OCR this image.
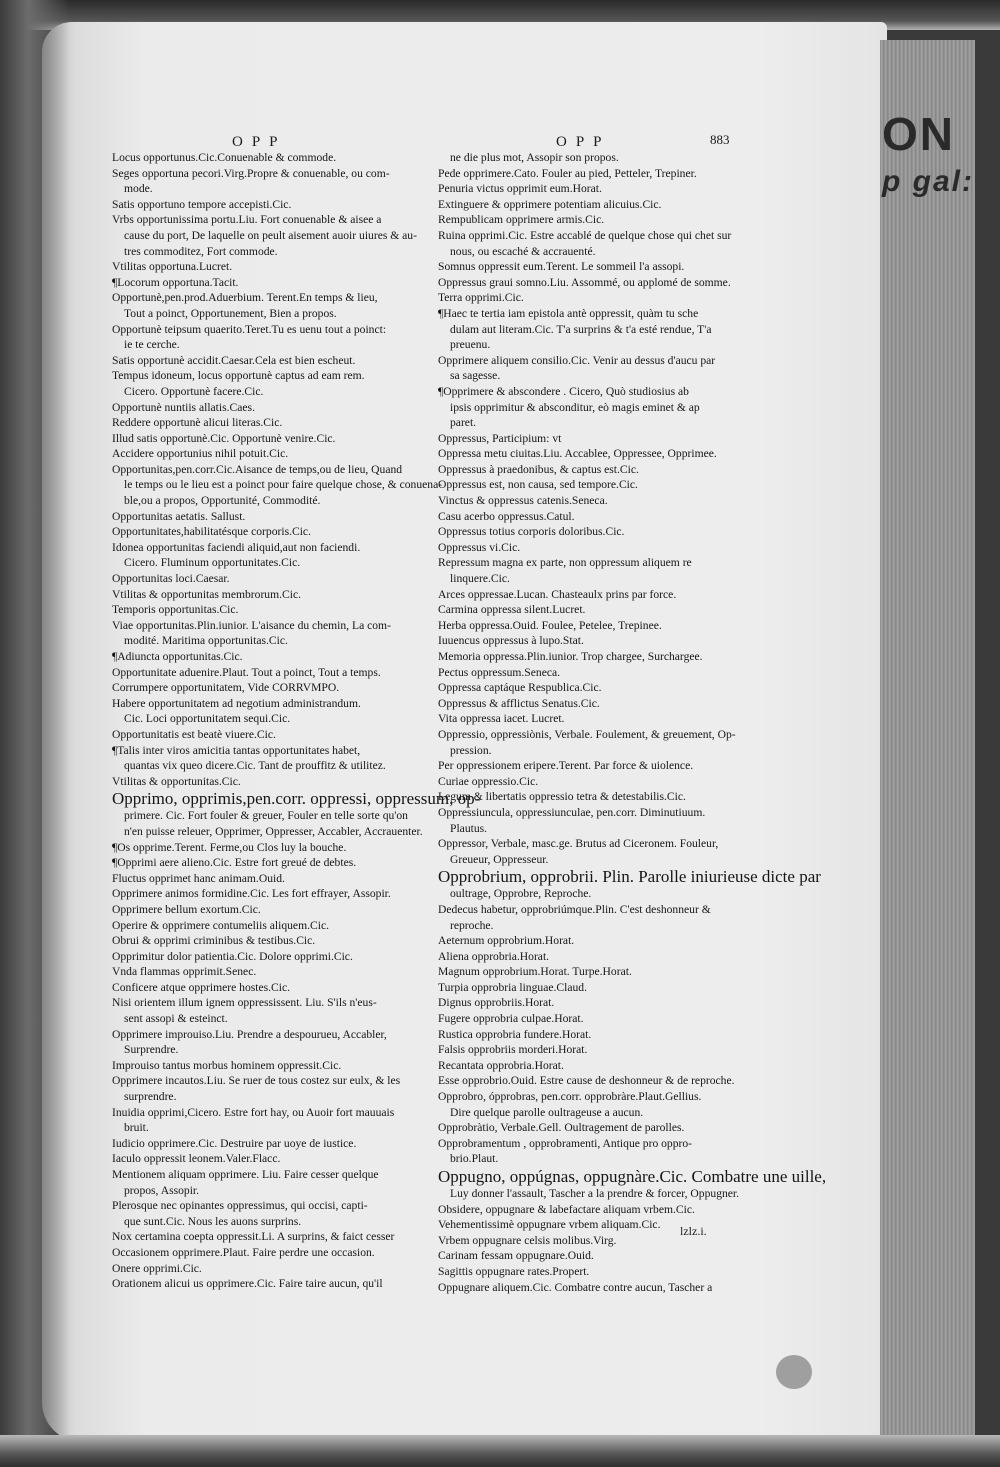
ON
p gal:
OPP	OPP	883
Locus opportunus.Cic.Conuenable & commode.
Seges opportuna pecori.Virg.Propre & conuenable, ou com-
mode.
Satis opportuno tempore accepisti.Cic.
Vrbs opportunissima portu.Liu. Fort conuenable & aisee a
cause du port, De laquelle on peult aisement auoir uiures & au-
tres commoditez, Fort commode.
Vtilitas opportuna.Lucret.
¶Locorum opportuna.Tacit.
Opportunè,pen.prod.Aduerbium. Terent.En temps & lieu,
Tout a poinct, Opportunement, Bien a propos.
Opportunè teipsum quaerito.Teret.Tu es uenu tout a poinct:
ie te cerche.
Satis opportunè accidit.Caesar.Cela est bien escheut.
Tempus idoneum, locus opportunè captus ad eam rem.
Cicero. Opportunè facere.Cic.
Opportunè nuntiis allatis.Caes.
Reddere opportunè alicui literas.Cic.
Illud satis opportunè.Cic. Opportunè venire.Cic.
Accidere opportunius nihil potuit.Cic.
Opportunitas,pen.corr.Cic.Aisance de temps,ou de lieu, Quand
le temps ou le lieu est a poinct pour faire quelque chose, & conuena-
ble,ou a propos, Opportunité, Commodité.
Opportunitas aetatis. Sallust.
Opportunitates,habilitatésque corporis.Cic.
Idonea opportunitas faciendi aliquid,aut non faciendi.
Cicero. Fluminum opportunitates.Cic.
Opportunitas loci.Caesar.
Vtilitas & opportunitas membrorum.Cic.
Temporis opportunitas.Cic.
Viae opportunitas.Plin.iunior. L'aisance du chemin, La com-
modité. Maritima opportunitas.Cic.
¶Adiuncta opportunitas.Cic.
Opportunitate aduenire.Plaut. Tout a poinct, Tout a temps.
Corrumpere opportunitatem, Vide CORRVMPO.
Habere opportunitatem ad negotium administrandum.
Cic. Loci opportunitatem sequi.Cic.
Opportunitatis est beatè viuere.Cic.
¶Talis inter viros amicitia tantas opportunitates habet,
quantas vix queo dicere.Cic. Tant de prouffitz & utilitez.
Vtilitas & opportunitas.Cic.
Opprimo, opprimis,pen.corr. oppressi, oppressum, op-
primere. Cic. Fort fouler & greuer, Fouler en telle sorte qu'on
n'en puisse releuer, Opprimer, Oppresser, Accabler, Accrauenter.
¶Os opprime.Terent. Ferme,ou Clos luy la bouche.
¶Opprimi aere alieno.Cic. Estre fort greué de debtes.
Fluctus opprimet hanc animam.Ouid.
Opprimere animos formidine.Cic. Les fort effrayer, Assopir.
Opprimere bellum exortum.Cic.
Operire & opprimere contumeliis aliquem.Cic.
Obrui & opprimi criminibus & testibus.Cic.
Opprimitur dolor patientia.Cic. Dolore opprimi.Cic.
Vnda flammas opprimit.Senec.
Conficere atque opprimere hostes.Cic.
Nisi orientem illum ignem oppressissent. Liu. S'ils n'eus-
sent assopi & esteinct.
Opprimere improuiso.Liu. Prendre a despourueu, Accabler,
Surprendre.
Improuiso tantus morbus hominem oppressit.Cic.
Opprimere incautos.Liu. Se ruer de tous costez sur eulx, & les
surprendre.
Inuidia opprimi,Cicero. Estre fort hay, ou Auoir fort mauuais
bruit.
Iudicio opprimere.Cic. Destruire par uoye de iustice.
Iaculo oppressit leonem.Valer.Flacc.
Mentionem aliquam opprimere. Liu. Faire cesser quelque
propos, Assopir.
Plerosque nec opinantes oppressimus, qui occisi, capti-
que sunt.Cic. Nous les auons surprins.
Nox certamina coepta oppressit.Li. A surprins, & faict cesser
Occasionem opprimere.Plaut. Faire perdre une occasion.
Onere opprimi.Cic.
Orationem alicui us opprimere.Cic. Faire taire aucun, qu'il
ne die plus mot, Assopir son propos.
Pede opprimere.Cato. Fouler au pied, Petteler, Trepiner.
Penuria victus opprimit eum.Horat.
Extinguere & opprimere potentiam alicuius.Cic.
Rempublicam opprimere armis.Cic.
Ruina opprimi.Cic. Estre accablé de quelque chose qui chet sur
nous, ou escaché & accrauenté.
Somnus oppressit eum.Terent. Le sommeil l'a assopi.
Oppressus graui somno.Liu. Assommé, ou applomé de somme.
Terra opprimi.Cic.
¶Haec te tertia iam epistola antè oppressit, quàm tu sche
dulam aut literam.Cic. T'a surprins & t'a esté rendue, T'a
preuenu.
Opprimere aliquem consilio.Cic. Venir au dessus d'aucu par
sa sagesse.
¶Opprimere & abscondere . Cicero, Quò studiosius ab
ipsis opprimitur & absconditur, eò magis eminet & ap
paret.
Oppressus, Participium: vt
Oppressa metu ciuitas.Liu. Accablee, Oppressee, Opprimee.
Oppressus à praedonibus, & captus est.Cic.
Oppressus est, non causa, sed tempore.Cic.
Vinctus & oppressus catenis.Seneca.
Casu acerbo oppressus.Catul.
Oppressus totius corporis doloribus.Cic.
Oppressus vi.Cic.
Repressum magna ex parte, non oppressum aliquem re
linquere.Cic.
Arces oppressae.Lucan. Chasteaulx prins par force.
Carmina oppressa silent.Lucret.
Herba oppressa.Ouid. Foulee, Petelee, Trepinee.
Iuuencus oppressus à lupo.Stat.
Memoria oppressa.Plin.iunior. Trop chargee, Surchargee.
Pectus oppressum.Seneca.
Oppressa captáque Respublica.Cic.
Oppressus & afflictus Senatus.Cic.
Vita oppressa iacet. Lucret.
Oppressio, oppressiònis, Verbale. Foulement, & greuement, Op-
pression.
Per oppressionem eripere.Terent. Par force & uiolence.
Curiae oppressio.Cic.
Legum & libertatis oppressio tetra & detestabilis.Cic.
Oppressiuncula, oppressiunculae, pen.corr. Diminutiuum.
Plautus.
Oppressor, Verbale, masc.ge. Brutus ad Ciceronem. Fouleur,
Greueur, Oppresseur.
Opprobrium, opprobrii. Plin. Parolle iniurieuse dicte par
oultrage, Opprobre, Reproche.
Dedecus habetur, opprobriúmque.Plin. C'est deshonneur &
reproche.
Aeternum opprobrium.Horat.
Aliena opprobria.Horat.
Magnum opprobrium.Horat. Turpe.Horat.
Turpia opprobria linguae.Claud.
Dignus opprobriis.Horat.
Fugere opprobria culpae.Horat.
Rustica opprobria fundere.Horat.
Falsis opprobriis morderi.Horat.
Recantata opprobria.Horat.
Esse opprobrio.Ouid. Estre cause de deshonneur & de reproche.
Opprobro, ópprobras, pen.corr. opprobràre.Plaut.Gellius.
Dire quelque parolle oultrageuse a aucun.
Opprobràtio, Verbale.Gell. Oultragement de parolles.
Opprobramentum , opprobramenti, Antique pro oppro-
brio.Plaut.
Oppugno, oppúgnas, oppugnàre.Cic. Combatre une uille,
Luy donner l'assault, Tascher a la prendre & forcer, Oppugner.
Obsidere, oppugnare & labefactare aliquam vrbem.Cic.
Vehementissimè oppugnare vrbem aliquam.Cic.
Vrbem oppugnare celsis molibus.Virg.
Carinam fessam oppugnare.Ouid.
Sagittis oppugnare rates.Propert.
Oppugnare aliquem.Cic. Combatre contre aucun, Tascher a
lzlz.i.
